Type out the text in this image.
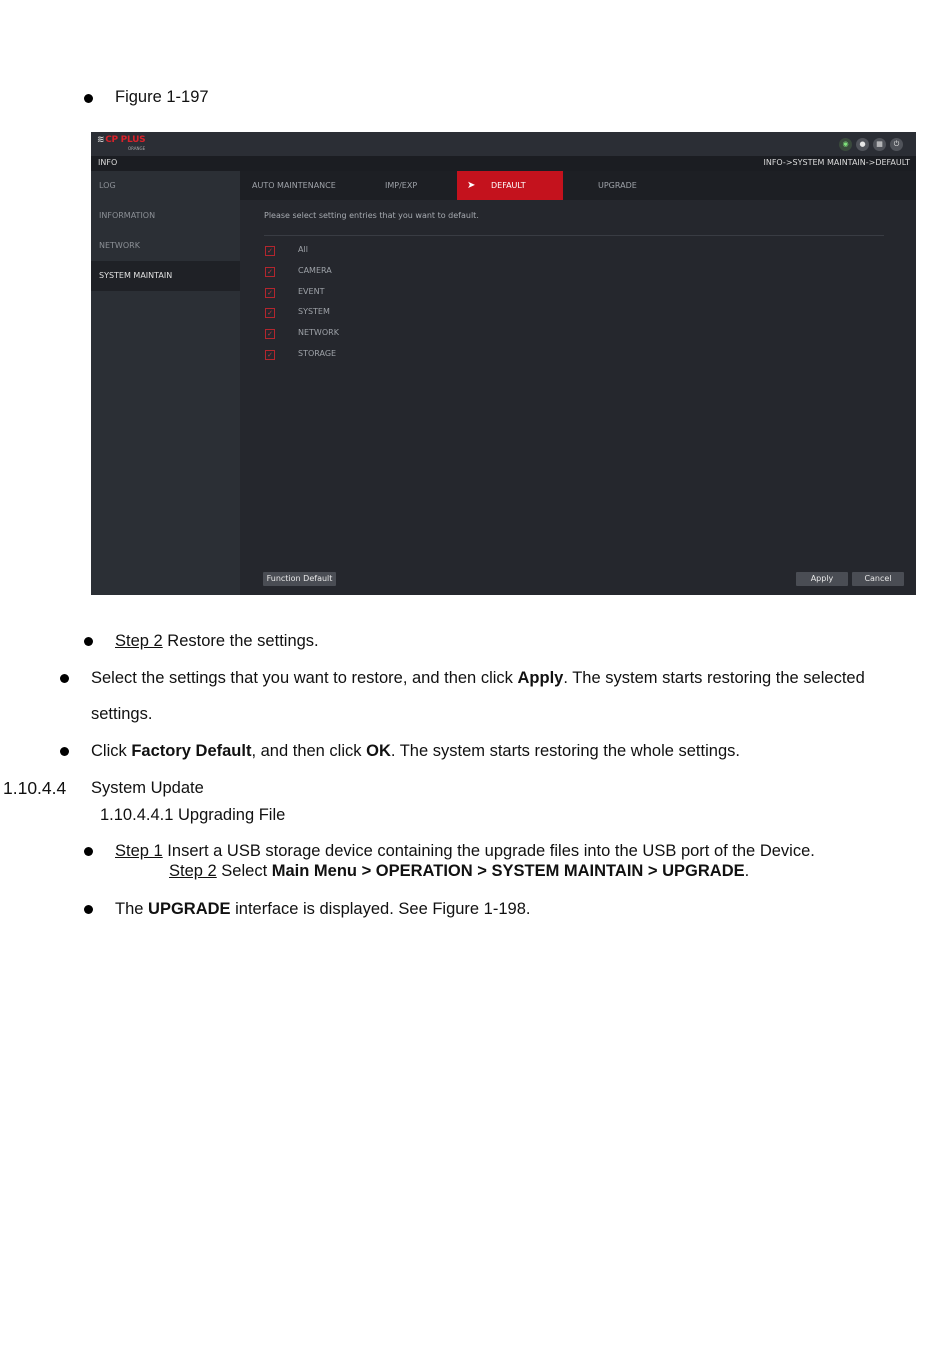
Figure 1-197
≋CP PLUS
ORANGE
◉	●	▦	⏻
INFO	INFO->SYSTEM MAINTAIN->DEFAULT
LOG
INFORMATION
NETWORK
SYSTEM MAINTAIN
AUTO MAINTENANCE	IMP/EXP	➤ DEFAULT	UPGRADE
Please select setting entries that you want to default.
✓	All
✓	CAMERA
✓	EVENT
✓	SYSTEM
✓	NETWORK
✓	STORAGE
Function Default	Apply	Cancel
Step 2 Restore the settings.
Select the settings that you want to restore, and then click Apply. The system starts restoring the selected
settings.
Click Factory Default, and then click OK. The system starts restoring the whole settings.
1.10.4.4 System Update
1.10.4.4.1 Upgrading File
Step 1 Insert a USB storage device containing the upgrade files into the USB port of the Device.
Step 2 Select Main Menu > OPERATION > SYSTEM MAINTAIN > UPGRADE.
The UPGRADE interface is displayed. See Figure 1-198.
